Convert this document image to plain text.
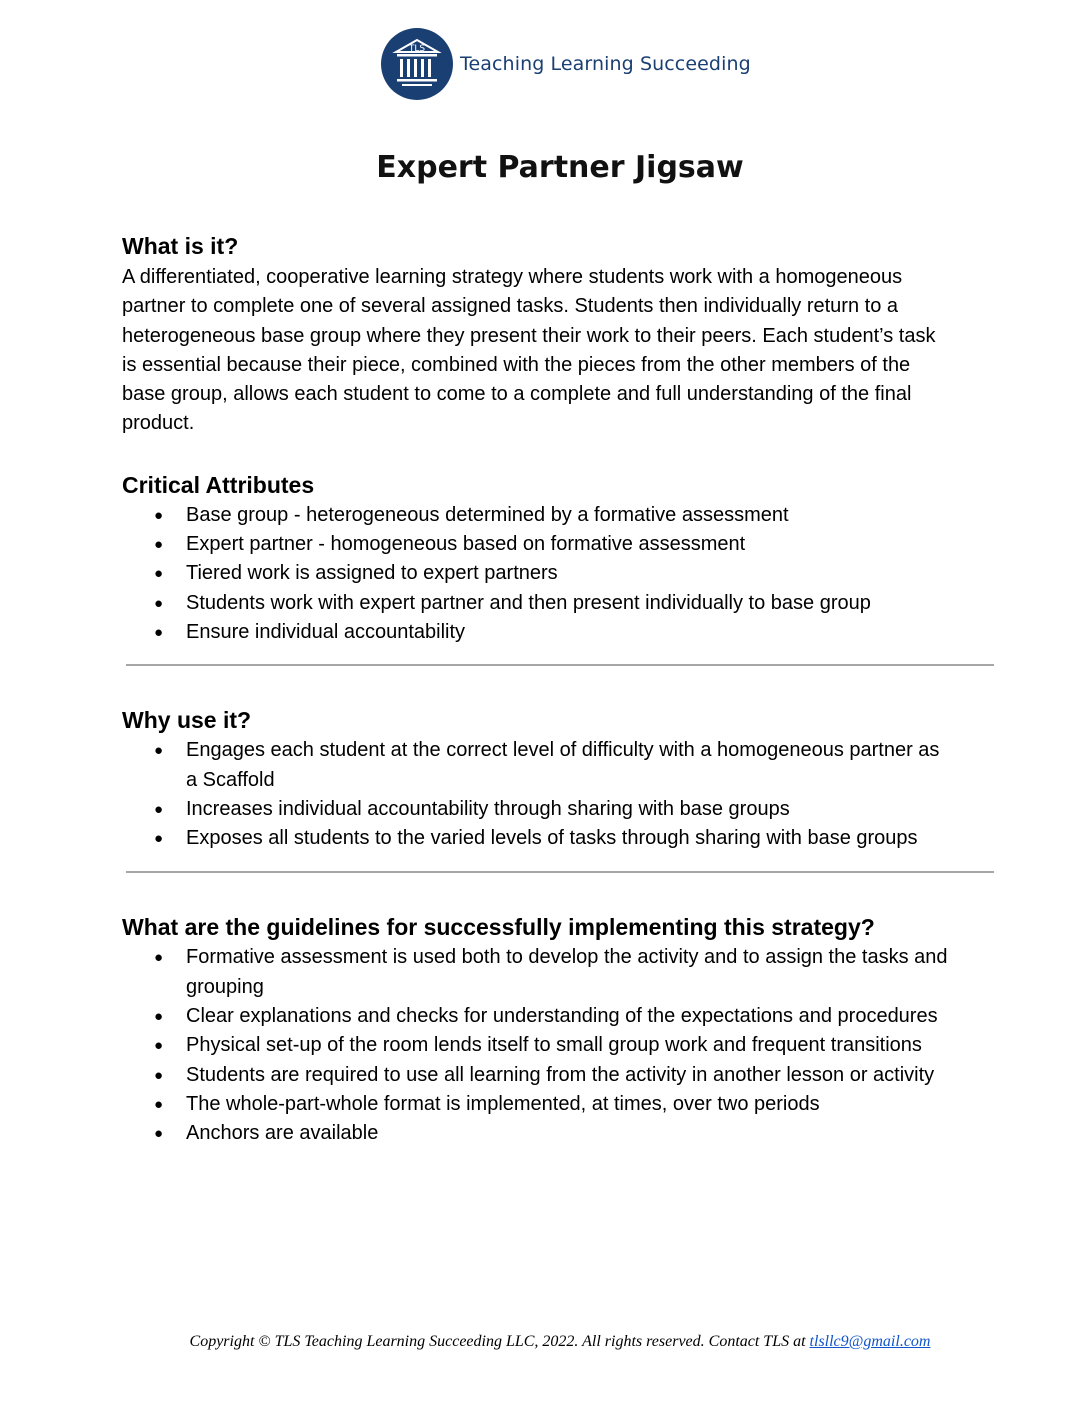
TLS
Teaching Learning Succeeding
Expert Partner Jigsaw
What is it?

A differentiated, cooperative learning strategy where students work with a homogeneous
partner to complete one of several assigned tasks. Students then individually return to a
heterogeneous base group where they present their work to their peers. Each student’s task
is essential because their piece, combined with the pieces from the other members of the
base group, allows each student to come to a complete and full understanding of the final
product.

Critical Attributes
● Base group - heterogeneous determined by a formative assessment
● Expert partner - homogeneous based on formative assessment
● Tiered work is assigned to expert partners
● Students work with expert partner and then present individually to base group
● Ensure individual accountability
Why use it?
● Engages each student at the correct level of difficulty with a homogeneous partner as
a Scaffold
● Increases individual accountability through sharing with base groups
● Exposes all students to the varied levels of tasks through sharing with base groups
What are the guidelines for successfully implementing this strategy?
● Formative assessment is used both to develop the activity and to assign the tasks and
grouping
● Clear explanations and checks for understanding of the expectations and procedures
● Physical set-up of the room lends itself to small group work and frequent transitions
● Students are required to use all learning from the activity in another lesson or activity
● The whole-part-whole format is implemented, at times, over two periods
● Anchors are available
Copyright © TLS Teaching Learning Succeeding LLC, 2022. All rights reserved. Contact TLS at tlsllc9@gmail.com
